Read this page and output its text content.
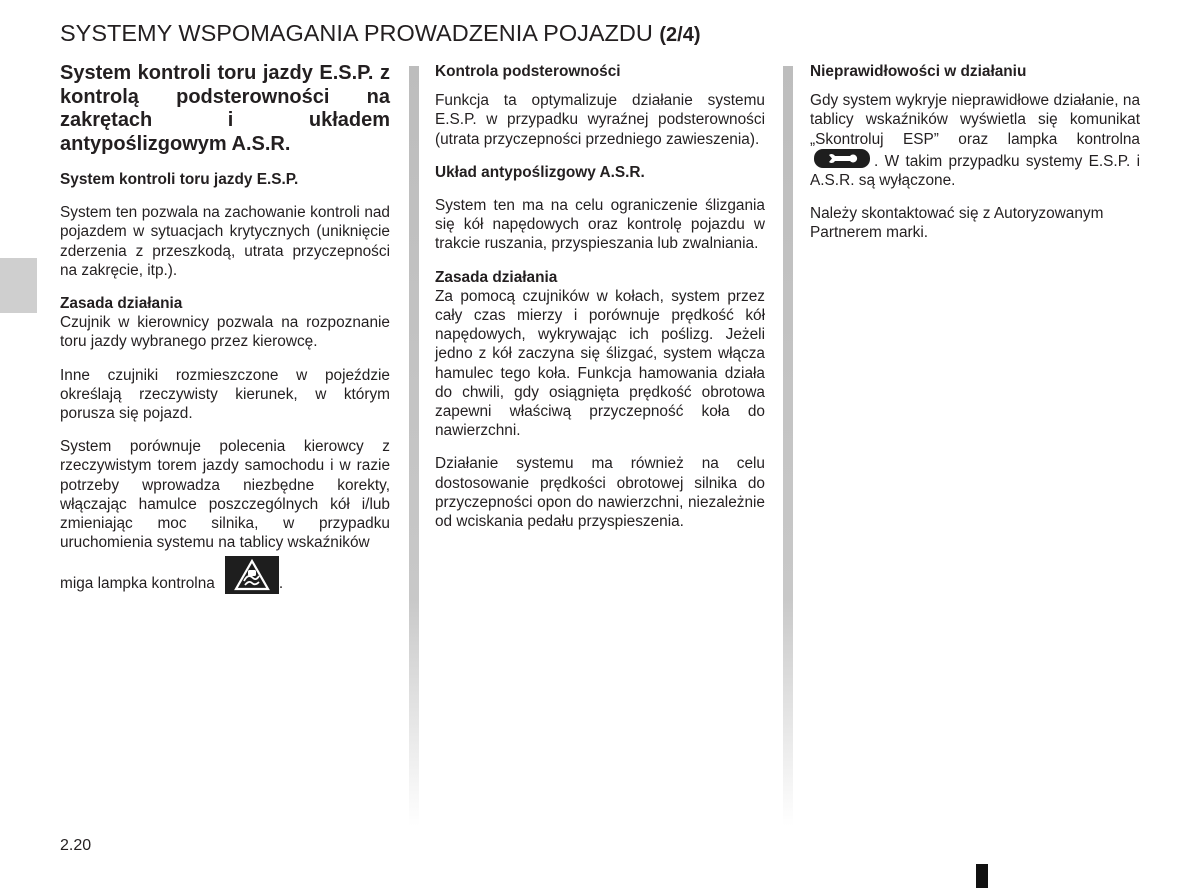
SYSTEMY WSPOMAGANIA PROWADZENIA POJAZDU (2/4)

System kontroli toru jazdy E.S.P. z kontrolą podsterowności na zakrętach i układem antypoślizgowym A.S.R.

System kontroli toru jazdy E.S.P.

System ten pozwala na zachowanie kontroli nad pojazdem w sytuacjach krytycznych (uniknięcie zderzenia z przeszkodą, utrata przyczepności na zakręcie, itp.).

Zasada działania

Czujnik w kierownicy pozwala na rozpoznanie toru jazdy wybranego przez kierowcę.

Inne czujniki rozmieszczone w pojeździe określają rzeczywisty kierunek, w którym porusza się pojazd.

System porównuje polecenia kierowcy z rzeczywistym torem jazdy samochodu i w razie potrzeby wprowadza niezbędne korekty, włączając hamulce poszczególnych kół i/lub zmieniając moc silnika, w przypadku uruchomienia systemu na tablicy wskaźników

miga lampka kontrolna	.

Kontrola podsterowności

Funkcja ta optymalizuje działanie systemu E.S.P. w przypadku wyraźnej podsterowności (utrata przyczepności przedniego zawieszenia).

Układ antypoślizgowy A.S.R.

System ten ma na celu ograniczenie ślizgania się kół napędowych oraz kontrolę pojazdu w trakcie ruszania, przyspieszania lub zwalniania.

Zasada działania

Za pomocą czujników w kołach, system przez cały czas mierzy i porównuje prędkość kół napędowych, wykrywając ich poślizg. Jeżeli jedno z kół zaczyna się ślizgać, system włącza hamulec tego koła. Funkcja hamowania działa do chwili, gdy osiągnięta prędkość obrotowa zapewni właściwą przyczepność koła do nawierzchni.

Działanie systemu ma również na celu dostosowanie prędkości obrotowej silnika do przyczepności opon do nawierzchni, niezależnie od wciskania pedału przyspieszenia.

Nieprawidłowości w działaniu

Gdy system wykryje nieprawidłowe działanie, na tablicy wskaźników wyświetla się komunikat „Skontroluj ESP” oraz lampka kontrolna
. W takim przypadku systemy E.S.P. i A.S.R. są wyłączone.

Należy skontaktować się z Autoryzowanym Partnerem marki.

2.20
